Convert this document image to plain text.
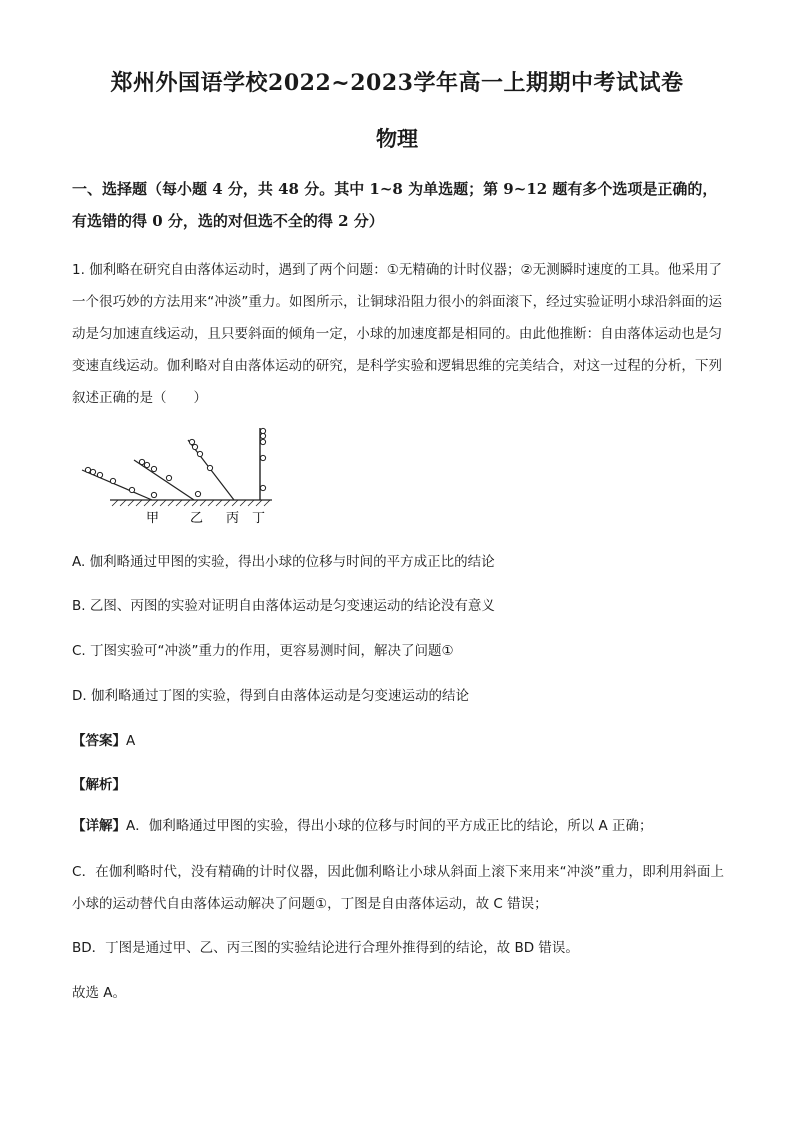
郑州外国语学校2022~2023学年高一上期期中考试试卷
物理
一、选择题（每小题 4 分，共 48 分。其中 1~8 为单选题；第 9~12 题有多个选项是正确的，有选错的得 0 分，选的对但选不全的得 2 分）
1. 伽利略在研究自由落体运动时，遇到了两个问题：①无精确的计时仪器；②无测瞬时速度的工具。他采用了一个很巧妙的方法用来“冲淡”重力。如图所示，让铜球沿阻力很小的斜面滚下，经过实验证明小球沿斜面的运动是匀加速直线运动，且只要斜面的倾角一定，小球的加速度都是相同的。由此他推断：自由落体运动也是匀变速直线运动。伽利略对自由落体运动的研究，是科学实验和逻辑思维的完美结合，对这一过程的分析，下列叙述正确的是（　　）
甲 乙 丙 丁
A. 伽利略通过甲图的实验，得出小球的位移与时间的平方成正比的结论
B. 乙图、丙图的实验对证明自由落体运动是匀变速运动的结论没有意义
C. 丁图实验可“冲淡”重力的作用，更容易测时间，解决了问题①
D. 伽利略通过丁图的实验，得到自由落体运动是匀变速运动的结论
【答案】A
【解析】
【详解】A．伽利略通过甲图的实验，得出小球的位移与时间的平方成正比的结论，所以 A 正确；
C．在伽利略时代，没有精确的计时仪器，因此伽利略让小球从斜面上滚下来用来“冲淡”重力，即利用斜面上小球的运动替代自由落体运动解决了问题①，丁图是自由落体运动，故 C 错误；
BD．丁图是通过甲、乙、丙三图的实验结论进行合理外推得到的结论，故 BD 错误。
故选 A。
